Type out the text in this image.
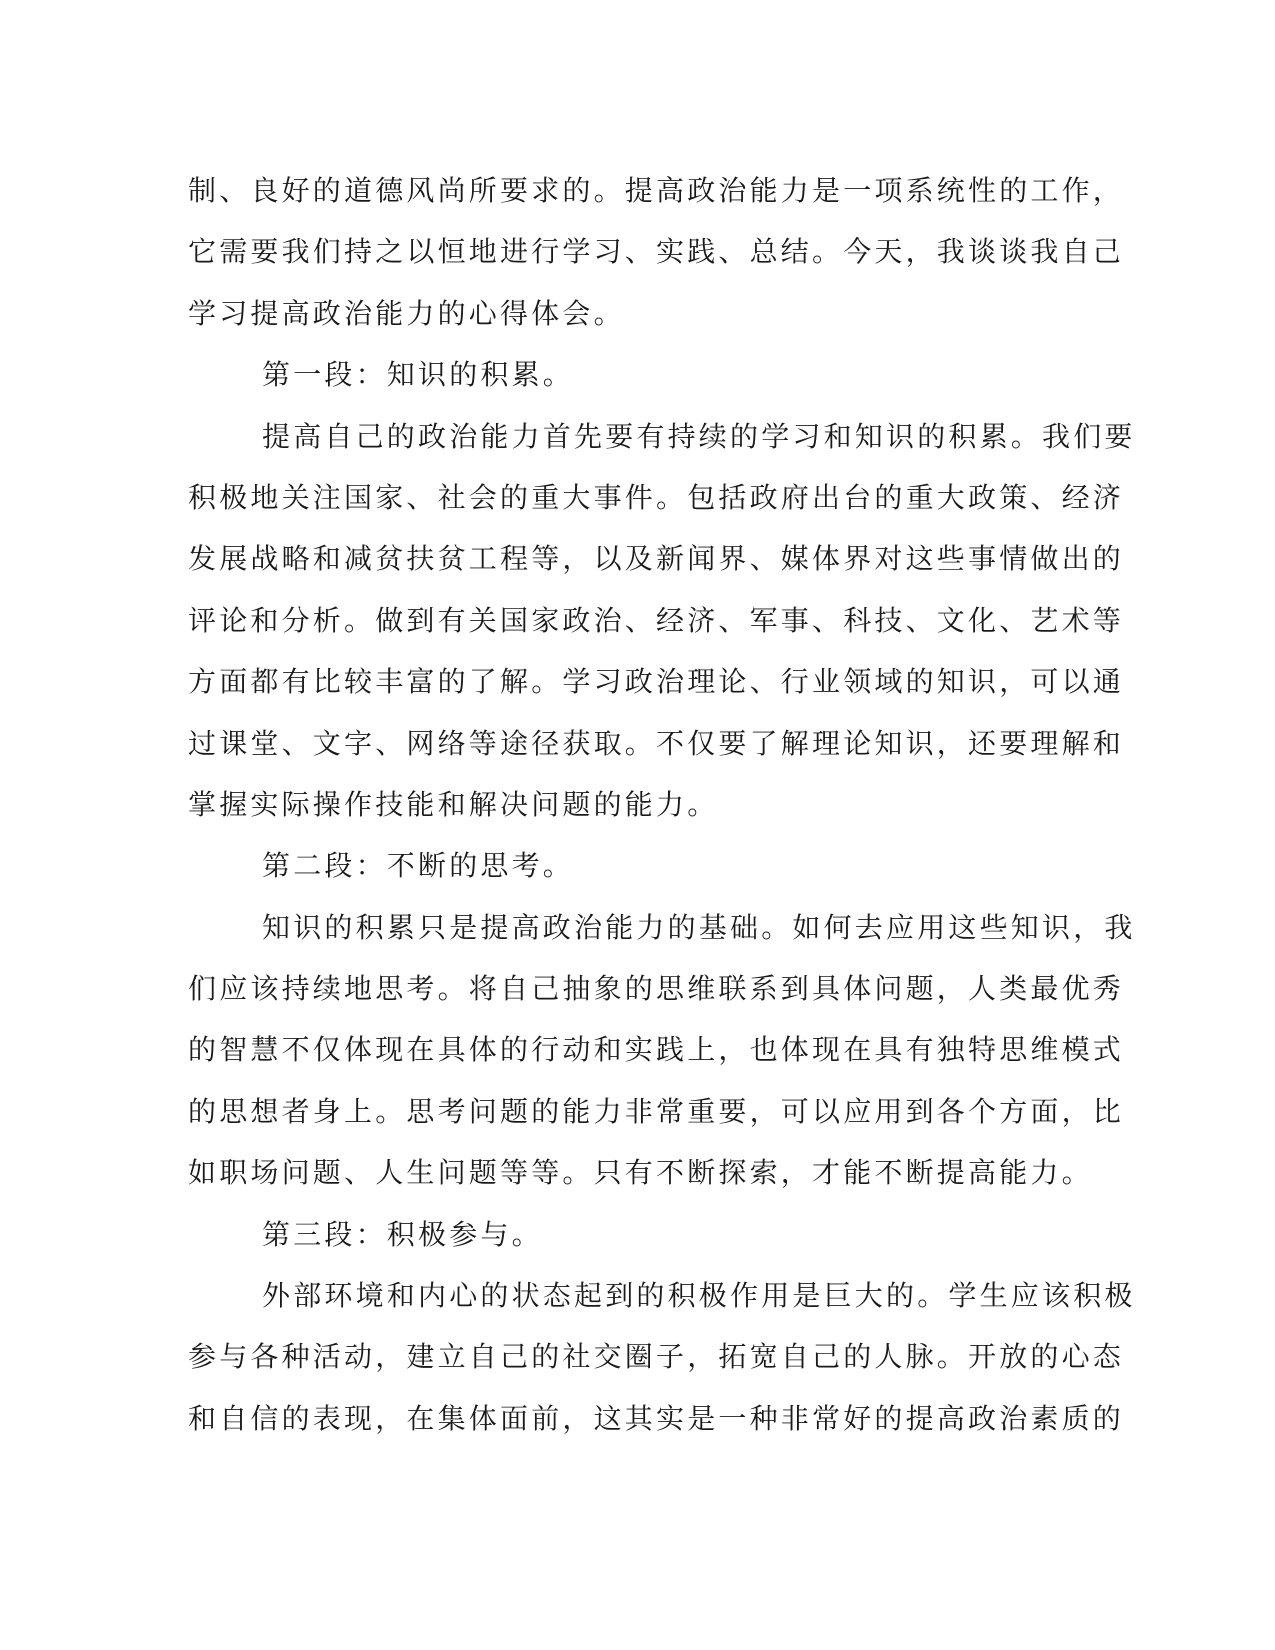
制、良好的道德风尚所要求的。提高政治能力是一项系统性的工作，
它需要我们持之以恒地进行学习、实践、总结。今天，我谈谈我自己
学习提高政治能力的心得体会。
第一段：知识的积累。
提高自己的政治能力首先要有持续的学习和知识的积累。我们要
积极地关注国家、社会的重大事件。包括政府出台的重大政策、经济
发展战略和减贫扶贫工程等，以及新闻界、媒体界对这些事情做出的
评论和分析。做到有关国家政治、经济、军事、科技、文化、艺术等
方面都有比较丰富的了解。学习政治理论、行业领域的知识，可以通
过课堂、文字、网络等途径获取。不仅要了解理论知识，还要理解和
掌握实际操作技能和解决问题的能力。
第二段：不断的思考。
知识的积累只是提高政治能力的基础。如何去应用这些知识，我
们应该持续地思考。将自己抽象的思维联系到具体问题，人类最优秀
的智慧不仅体现在具体的行动和实践上，也体现在具有独特思维模式
的思想者身上。思考问题的能力非常重要，可以应用到各个方面，比
如职场问题、人生问题等等。只有不断探索，才能不断提高能力。
第三段：积极参与。
外部环境和内心的状态起到的积极作用是巨大的。学生应该积极
参与各种活动，建立自己的社交圈子，拓宽自己的人脉。开放的心态
和自信的表现，在集体面前，这其实是一种非常好的提高政治素质的
